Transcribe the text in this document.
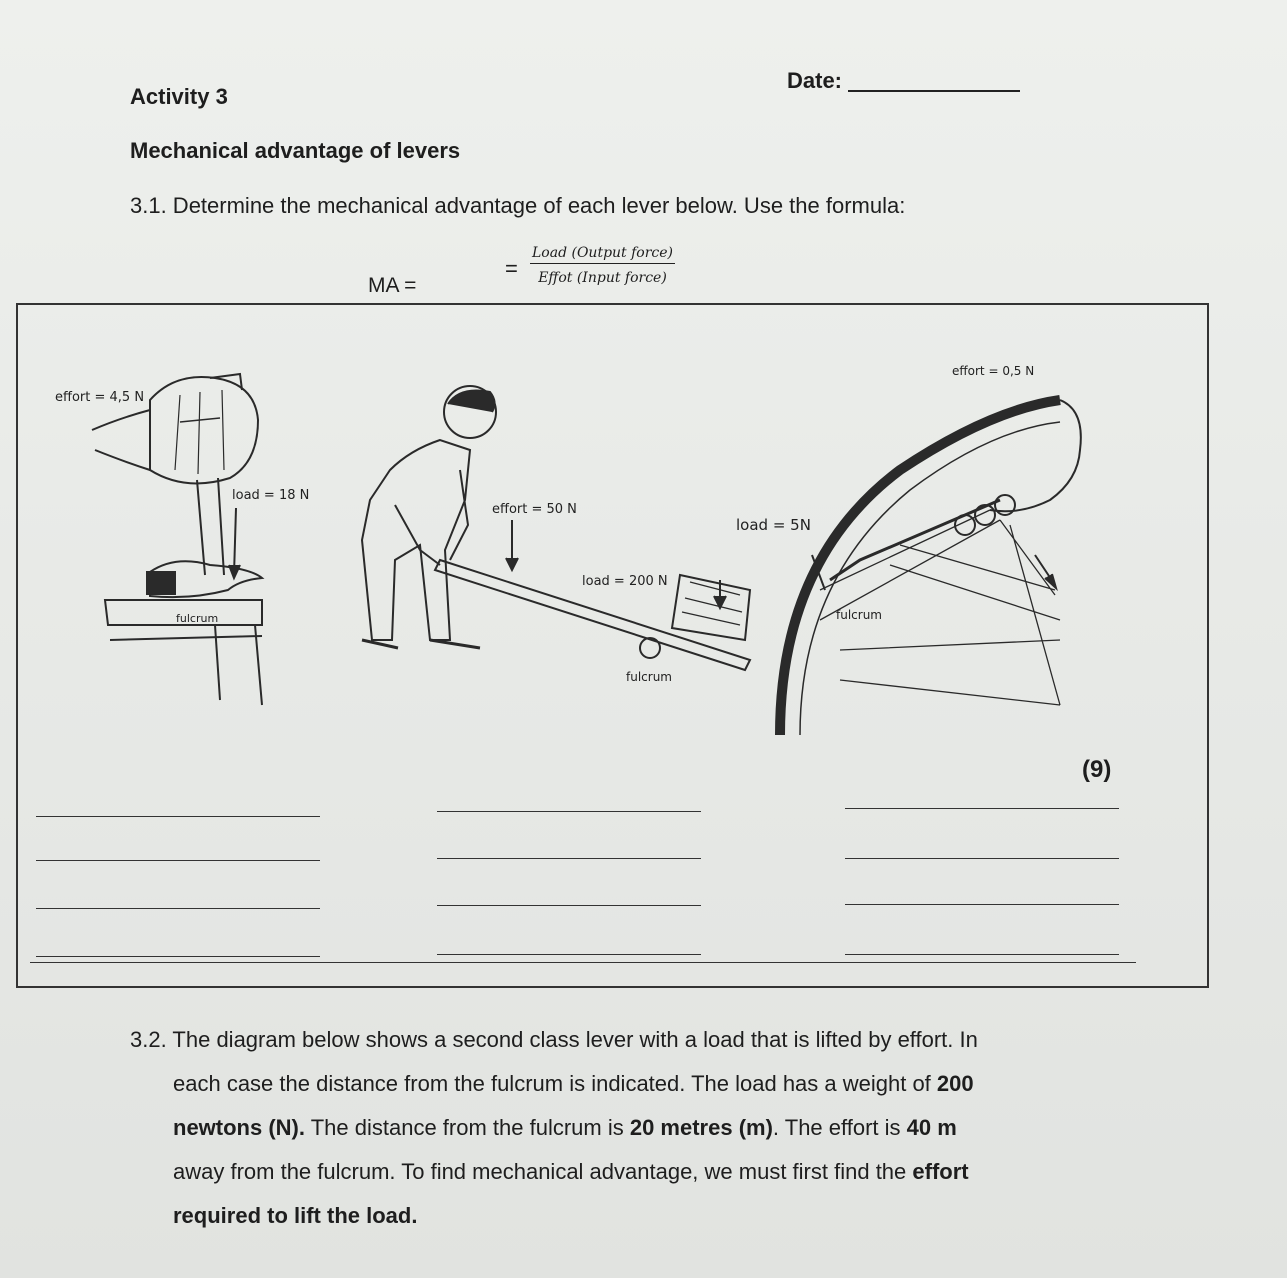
Activity 3
Date:
Mechanical advantage of levers
3.1. Determine the mechanical advantage of each lever below. Use the formula:
MA =
=
Load (Output force)
Effot (Input force)
effort = 4,5 N
load = 18 N
fulcrum
effort = 50 N
load = 200 N
fulcrum
effort = 0,5 N
load = 5N
fulcrum
(9)
3.2. The diagram below shows a second class lever with a load that is lifted by effort. In
each case the distance from the fulcrum is indicated. The load has a weight of 200
newtons (N). The distance from the fulcrum is 20 metres (m). The effort is 40 m
away from the fulcrum. To find mechanical advantage, we must first find the effort
required to lift the load.
